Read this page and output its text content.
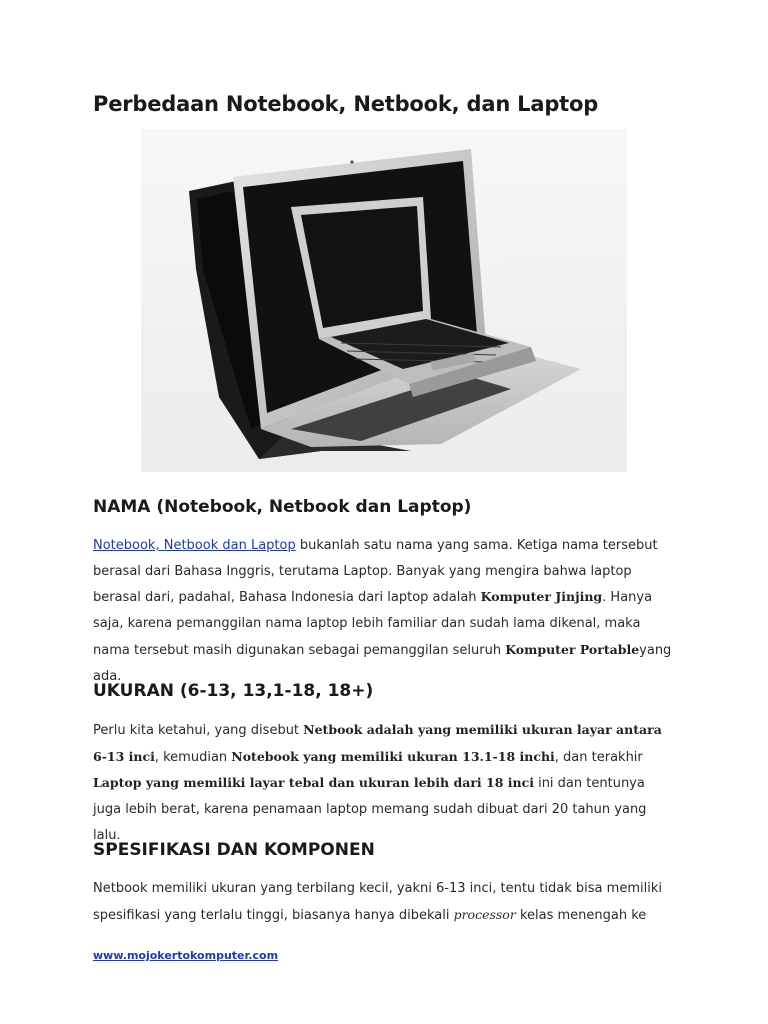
Perbedaan Notebook, Netbook, dan Laptop
NAMA (Notebook, Netbook dan Laptop)

Notebook, Netbook dan Laptop bukanlah satu nama yang sama. Ketiga nama tersebut berasal dari Bahasa Inggris, terutama Laptop. Banyak yang mengira bahwa laptop berasal dari, padahal, Bahasa Indonesia dari laptop adalah Komputer Jinjing. Hanya saja, karena pemanggilan nama laptop lebih familiar dan sudah lama dikenal, maka nama tersebut masih digunakan sebagai pemanggilan seluruh Komputer Portableyang ada.

UKURAN (6-13, 13,1-18, 18+)

Perlu kita ketahui, yang disebut Netbook adalah yang memiliki ukuran layar antara 6-13 inci, kemudian Notebook yang memiliki ukuran 13.1-18 inchi, dan terakhir Laptop yang memiliki layar tebal dan ukuran lebih dari 18 inci ini dan tentunya juga lebih berat, karena penamaan laptop memang sudah dibuat dari 20 tahun yang lalu.

SPESIFIKASI DAN KOMPONEN

Netbook memiliki ukuran yang terbilang kecil, yakni 6-13 inci, tentu tidak bisa memiliki spesifikasi yang terlalu tinggi, biasanya hanya dibekali processor kelas menengah ke

www.mojokertokomputer.com
